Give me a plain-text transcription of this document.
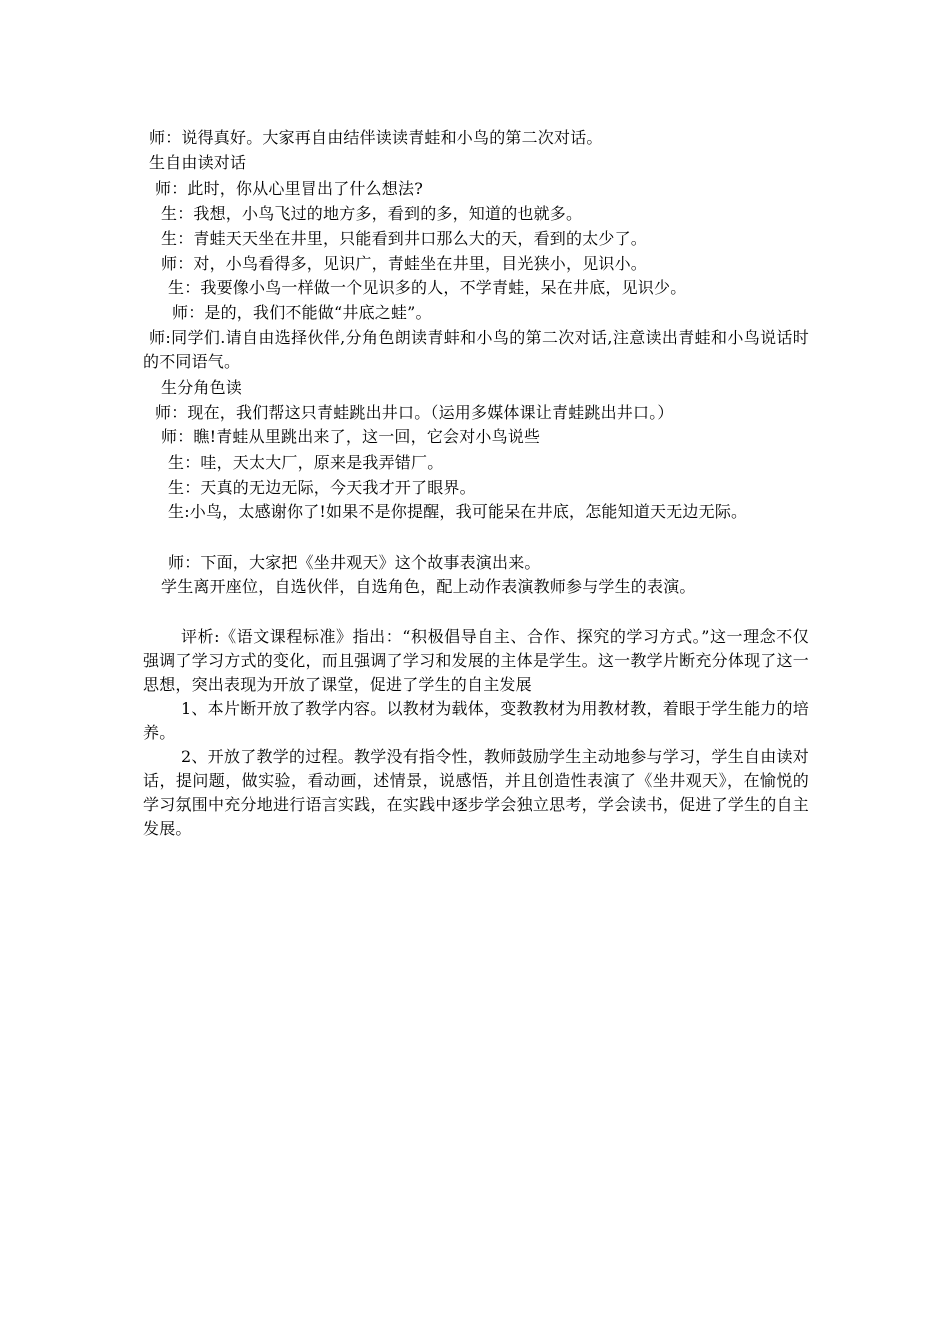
师：说得真好。大家再自由结伴读读青蛙和小鸟的第二次对话。
生自由读对话
师：此时，你从心里冒出了什么想法?
生：我想，小鸟飞过的地方多，看到的多，知道的也就多。
生：青蛙天天坐在井里，只能看到井口那么大的天，看到的太少了。
师：对，小鸟看得多，见识广，青蛙坐在井里，目光狭小，见识小。
生：我要像小鸟一样做一个见识多的人，不学青蛙，呆在井底，见识少。
师：是的，我们不能做“井底之蛙”。
师:同学们.请自由选择伙伴,分角色朗读青蚌和小鸟的第二次对话,注意读出青蛙和小鸟说话时的不同语气。
生分角色读
师：现在，我们帮这只青蛙跳出井口。（运用多媒体课让青蛙跳出井口。）
师：瞧!青蛙从里跳出来了，这一回，它会对小鸟说些
生：哇，天太大厂，原来是我弄错厂。
生：天真的无边无际，今天我才开了眼界。
生:小鸟，太感谢你了!如果不是你提醒，我可能呆在井底，怎能知道天无边无际。
师：下面，大家把《坐井观天》这个故事表演出来。
学生离开座位，自选伙伴，自选角色，配上动作表演教师参与学生的表演。
评析:《语文课程标准》指出：“积极倡导自主、合作、探究的学习方式。”这一理念不仅强调了学习方式的变化，而且强调了学习和发展的主体是学生。这一教学片断充分体现了这一思想，突出表现为开放了课堂，促进了学生的自主发展
1、本片断开放了教学内容。以教材为载体，变教教材为用教材教，着眼于学生能力的培养。
2、开放了教学的过程。教学没有指令性，教师鼓励学生主动地参与学习，学生自由读对话，提问题，做实验，看动画，述情景，说感悟，并且创造性表演了《坐井观天》，在愉悦的学习氛围中充分地进行语言实践，在实践中逐步学会独立思考，学会读书，促进了学生的自主发展。
